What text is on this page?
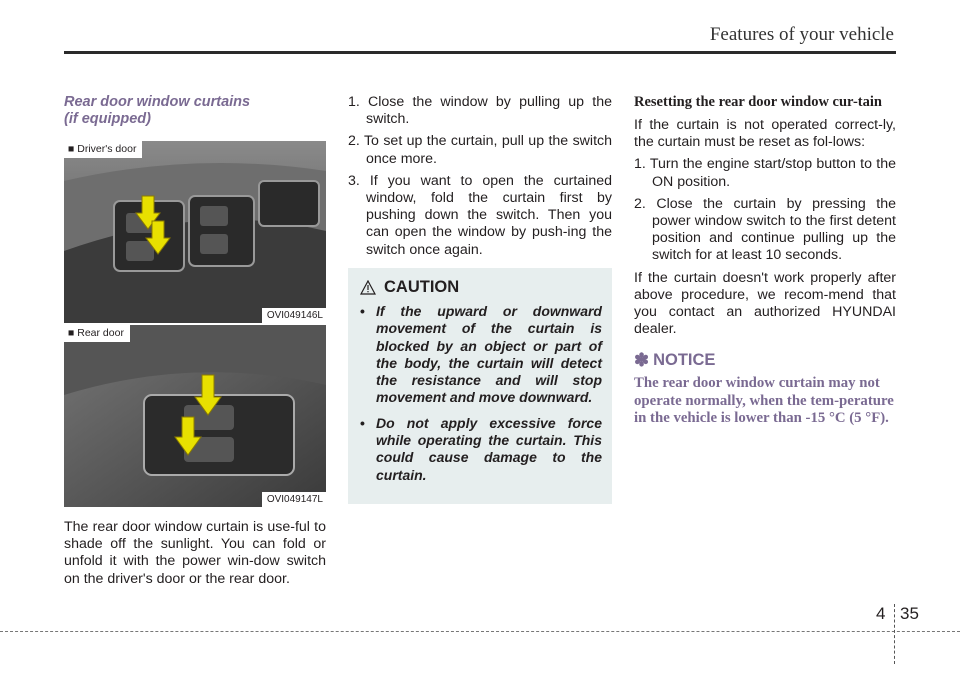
Features of your vehicle
Rear door window curtains
(if equipped)
■ Driver's door
OVI049146L
■ Rear door
OVI049147L
The rear door window curtain is use-ful to shade off the sunlight. You can fold or unfold it with the power win-dow switch on the driver's door or the rear door.
1. Close the window by pulling up the switch.
2. To set up the curtain, pull up the switch once more.
3. If you want to open the curtained window, fold the curtain first by pushing down the switch. Then you can open the window by push-ing the switch once again.
CAUTION
• If the upward or downward movement of the curtain is blocked by an object or part of the body, the curtain will detect the resistance and will stop movement and move downward.
• Do not apply excessive force while operating the curtain. This could cause damage to the curtain.
Resetting the rear door window cur-tain
If the curtain is not operated correct-ly, the curtain must be reset as fol-lows:
1. Turn the engine start/stop button to the ON position.
2. Close the curtain by pressing the power window switch to the first detent position and continue pulling up the switch for at least 10 seconds.
If the curtain doesn't work properly after above procedure, we recom-mend that you contact an authorized HYUNDAI dealer.
✽ NOTICE
The rear door window curtain may not operate normally, when the tem-perature in the vehicle is lower than -15 °C (5 °F).
4 35
